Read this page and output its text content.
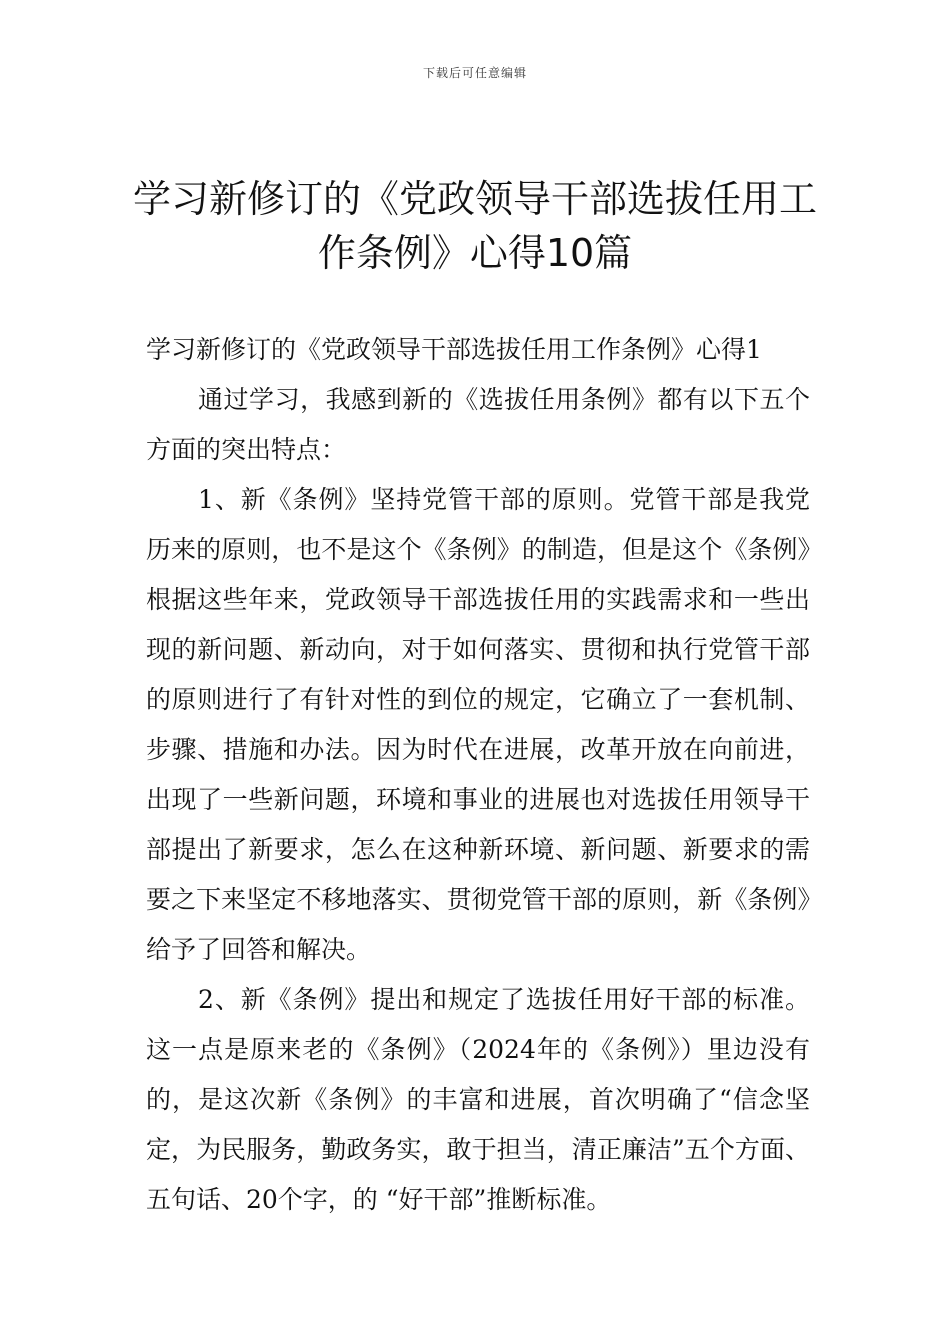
下载后可任意编辑
学习新修订的《党政领导干部选拔任用工
作条例》心得10篇

学习新修订的《党政领导干部选拔任用工作条例》心得1

通过学习，我感到新的《选拔任用条例》都有以下五个方面的突出特点：

1、新《条例》坚持党管干部的原则。党管干部是我党历来的原则，也不是这个《条例》的制造，但是这个《条例》根据这些年来，党政领导干部选拔任用的实践需求和一些出现的新问题、新动向，对于如何落实、贯彻和执行党管干部的原则进行了有针对性的到位的规定，它确立了一套机制、步骤、措施和办法。因为时代在进展，改革开放在向前进，出现了一些新问题，环境和事业的进展也对选拔任用领导干部提出了新要求，怎么在这种新环境、新问题、新要求的需要之下来坚定不移地落实、贯彻党管干部的原则，新《条例》给予了回答和解决。

2、新《条例》提出和规定了选拔任用好干部的标准。这一点是原来老的《条例》（2024年的《条例》）里边没有的，是这次新《条例》的丰富和进展，首次明确了“信念坚定，为民服务，勤政务实，敢于担当，清正廉洁”五个方面、五句话、20个字，的 “好干部”推断标准。
